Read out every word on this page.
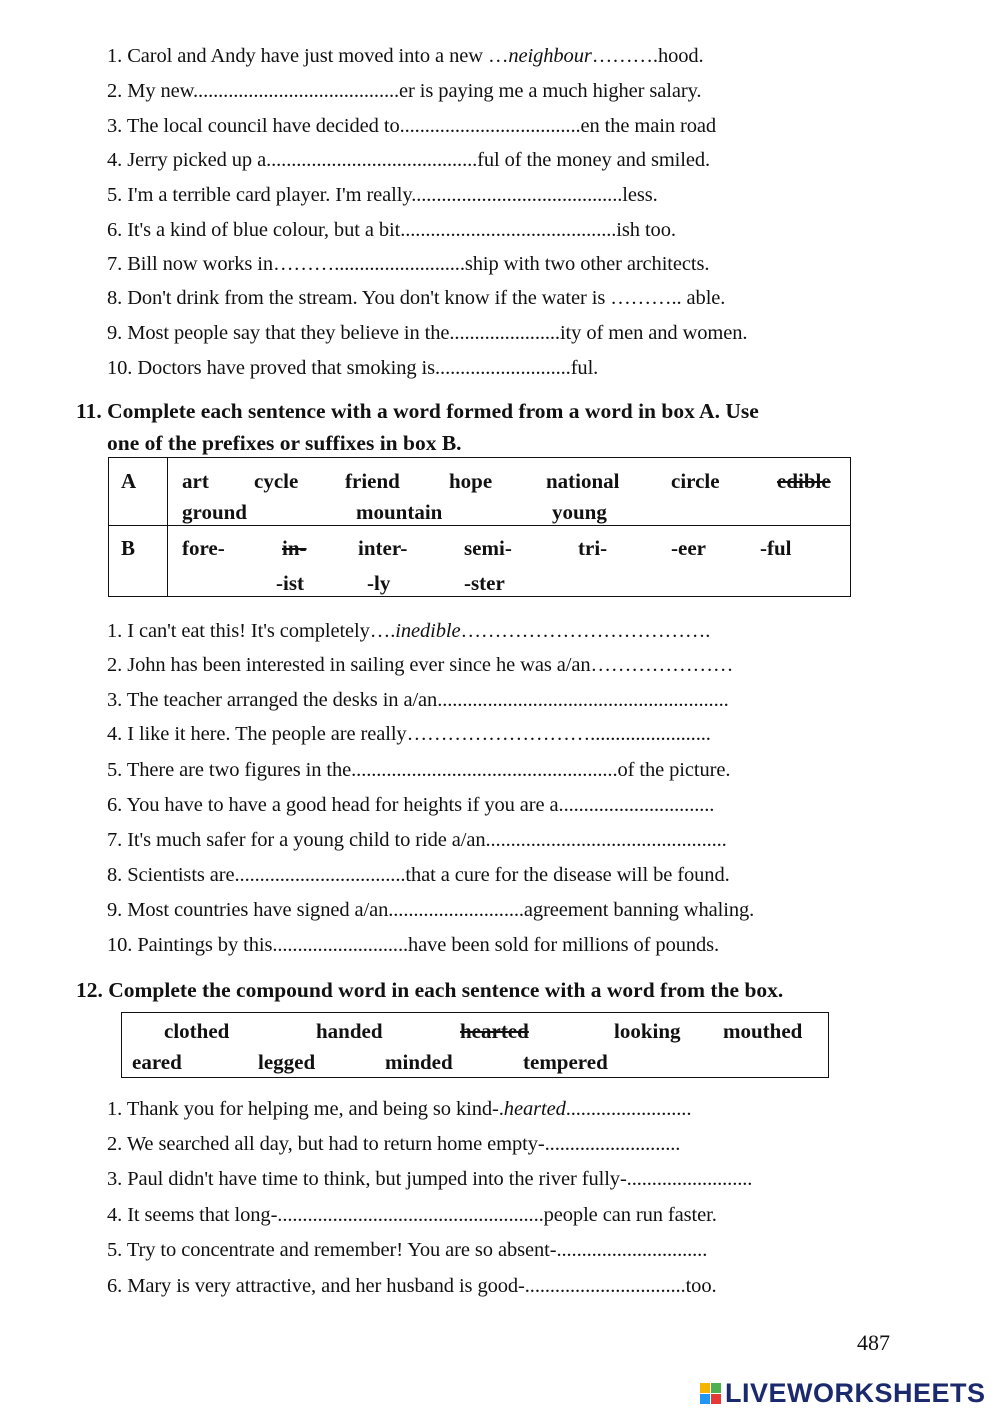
1. Carol and Andy have just moved into a new …neighbour……….hood.
2. My new.........................................er is paying me a much higher salary.
3. The local council have decided to....................................en the main road
4. Jerry picked up a..........................................ful of the money and smiled.
5. I'm a terrible card player. I'm really..........................................less.
6. It's a kind of blue colour, but a bit...........................................ish too.
7. Bill now works in………..........................ship with two other architects.
8. Don't drink from the stream. You don't know if the water is ……….. able.
9. Most people say that they believe in the......................ity of men and women.
10. Doctors have proved that smoking is...........................ful.
11. Complete each sentence with a word formed from a word in box A. Use
one of the prefixes or suffixes in box B.
A
B
art cycle friend hope	national circle	edible
ground	mountain	young
fore-	in- inter-	semi-	tri-	-eer	-ful
-ist	-ly	-ster
1. I can't eat this! It's completely….inedible……………………………….
2. John has been interested in sailing ever since he was a/an…………………
3. The teacher arranged the desks in a/an..........................................................
4. I like it here. The people are really………………………........................
5. There are two figures in the.....................................................of the picture.
6. You have to have a good head for heights if you are a...............................
7. It's much safer for a young child to ride a/an................................................
8. Scientists are..................................that a cure for the disease will be found.
9. Most countries have signed a/an...........................agreement banning whaling.
10. Paintings by this...........................have been sold for millions of pounds.
12. Complete the compound word in each sentence with a word from the box.
clothed	handed	hearted	looking mouthed
eared	legged	minded	tempered
1. Thank you for helping me, and being so kind-.hearted.........................
2. We searched all day, but had to return home empty-...........................
3. Paul didn't have time to think, but jumped into the river fully-.........................
4. It seems that long-.....................................................people can run faster.
5. Try to concentrate and remember! You are so absent-..............................
6. Mary is very attractive, and her husband is good-................................too.
487
LIVEWORKSHEETS
